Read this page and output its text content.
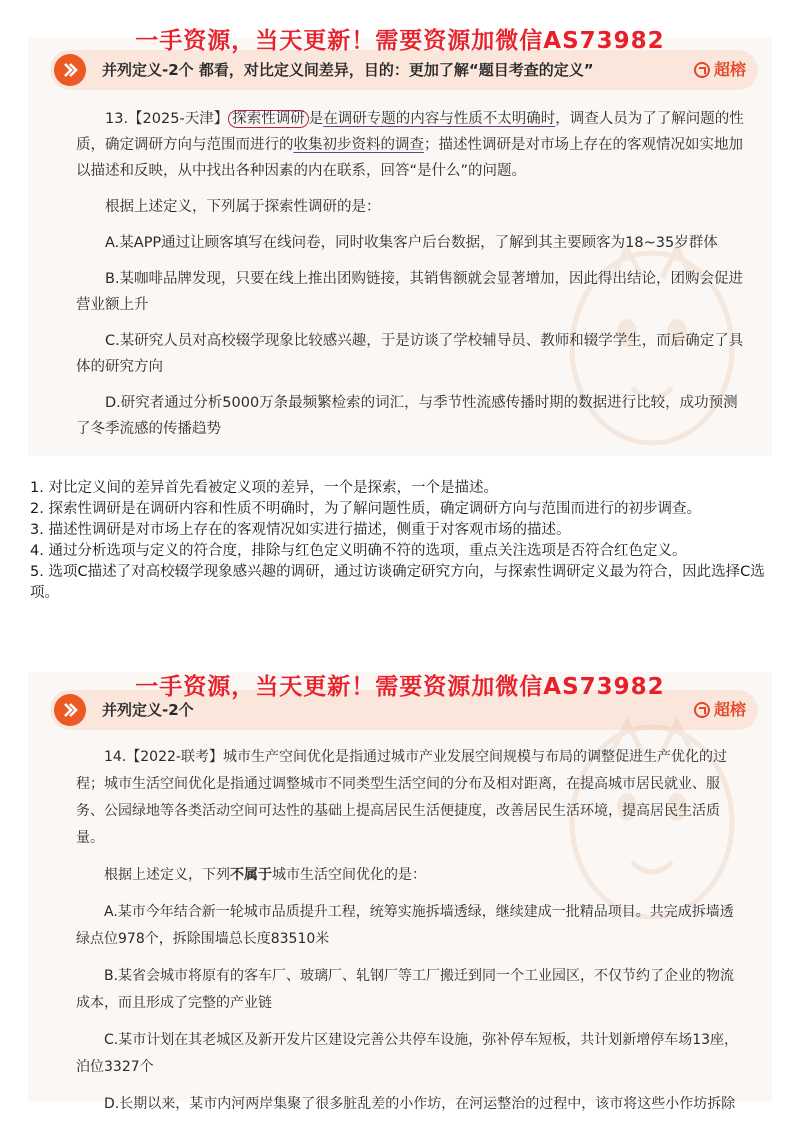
并列定义-2个 都看，对比定义间差异，目的：更加了解“题目考查的定义”	超榕

13.【2025-天津】 探索性调研 是在调研专题的内容与性质不太明确时，调查人员为了了解问题的性质，确定调研方向与范围而进行的收集初步资料的调查；描述性调研是对市场上存在的客观情况如实地加以描述和反映，从中找出各种因素的内在联系，回答“是什么”的问题。

根据上述定义，下列属于探索性调研的是：

A.某APP通过让顾客填写在线问卷，同时收集客户后台数据，了解到其主要顾客为18~35岁群体

B.某咖啡品牌发现，只要在线上推出团购链接，其销售额就会显著增加，因此得出结论，团购会促进营业额上升

C.某研究人员对高校辍学现象比较感兴趣，于是访谈了学校辅导员、教师和辍学学生，而后确定了具体的研究方向

D.研究者通过分析5000万条最频繁检索的词汇，与季节性流感传播时期的数据进行比较，成功预测了冬季流感的传播趋势

一手资源，当天更新！需要资源加微信AS73982
1. 对比定义间的差异首先看被定义项的差异，一个是探索，一个是描述。
2. 探索性调研是在调研内容和性质不明确时，为了解问题性质，确定调研方向与范围而进行的初步调查。
3. 描述性调研是对市场上存在的客观情况如实进行描述，侧重于对客观市场的描述。
4. 通过分析选项与定义的符合度，排除与红色定义明确不符的选项，重点关注选项是否符合红色定义。
5. 选项C描述了对高校辍学现象感兴趣的调研，通过访谈确定研究方向，与探索性调研定义最为符合，因此选择C选项。
并列定义-2个	超榕

14.【2022-联考】城市生产空间优化是指通过城市产业发展空间规模与布局的调整促进生产优化的过程；城市生活空间优化是指通过调整城市不同类型生活空间的分布及相对距离，在提高城市居民就业、服务、公园绿地等各类活动空间可达性的基础上提高居民生活便捷度，改善居民生活环境，提高居民生活质量。

根据上述定义，下列不属于城市生活空间优化的是：

A.某市今年结合新一轮城市品质提升工程，统筹实施拆墙透绿，继续建成一批精品项目。共完成拆墙透绿点位978个，拆除围墙总长度83510米

B.某省会城市将原有的客车厂、玻璃厂、轧钢厂等工厂搬迁到同一个工业园区，不仅节约了企业的物流成本，而且形成了完整的产业链

C.某市计划在其老城区及新开发片区建设完善公共停车设施，弥补停车短板，共计划新增停车场13座，泊位3327个

D.长期以来，某市内河两岸集聚了很多脏乱差的小作坊，在河运整治的过程中，该市将这些小作坊拆除

一手资源，当天更新！需要资源加微信AS73982
